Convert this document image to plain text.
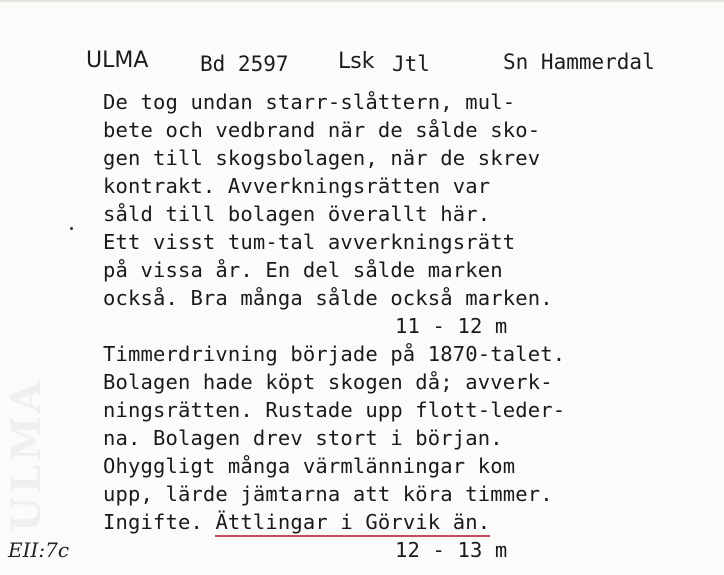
ULMA
ULMA Bd 2597 Lsk Jtl	Sn Hammerdal
De tog undan starr-slåttern, mul-
bete och vedbrand när de sålde sko-
gen till skogsbolagen, när de skrev
kontrakt. Avverkningsrätten var
såld till bolagen överallt här.
Ett visst tum-tal avverkningsrätt
på vissa år. En del sålde marken
också. Bra många sålde också marken.
11 - 12 m
Timmerdrivning började på 1870-talet.
Bolagen hade köpt skogen då; avverk-
ningsrätten. Rustade upp flott-leder-
na. Bolagen drev stort i början.
Ohyggligt många värmlänningar kom
upp, lärde jämtarna att köra timmer.
Ingifte. Ättlingar i Görvik än.
12 - 13 m
EII:7c
